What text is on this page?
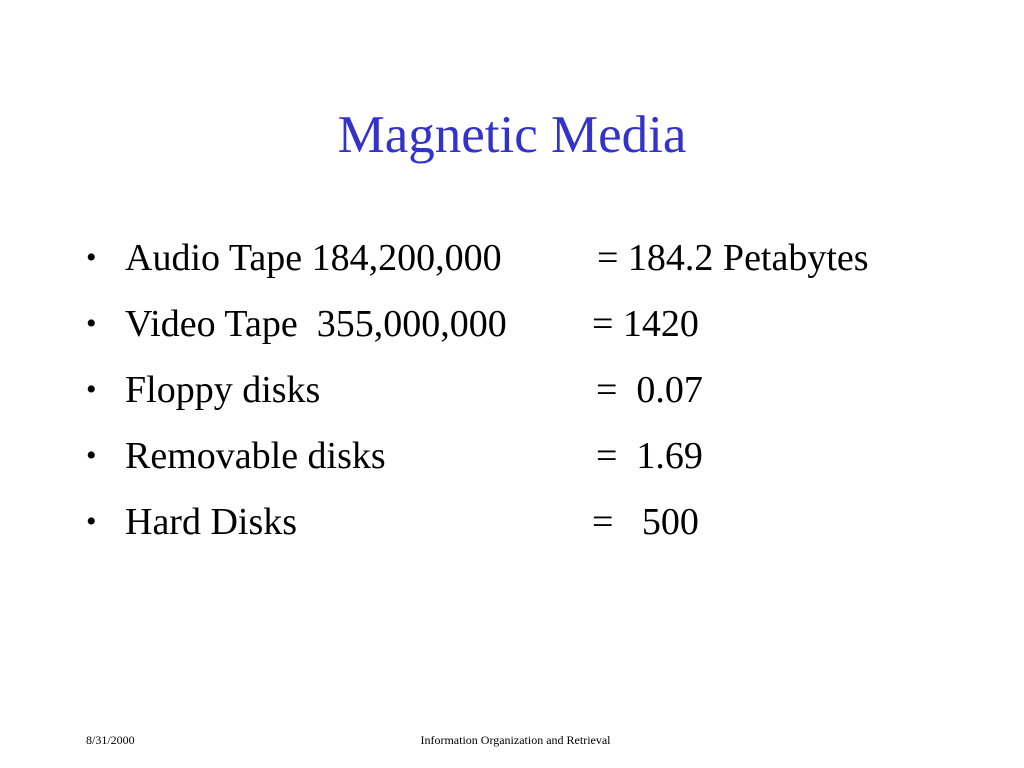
Magnetic Media

•

Audio Tape 184,200,000

	= 184.2 Petabytes

•

Video Tape  355,000,000

= 1420

•

Floppy disks

	=  0.07

•

Removable disks

	=  1.69

•

Hard Disks

	=   500

8/31/2000	Information Organization and Retrieval
